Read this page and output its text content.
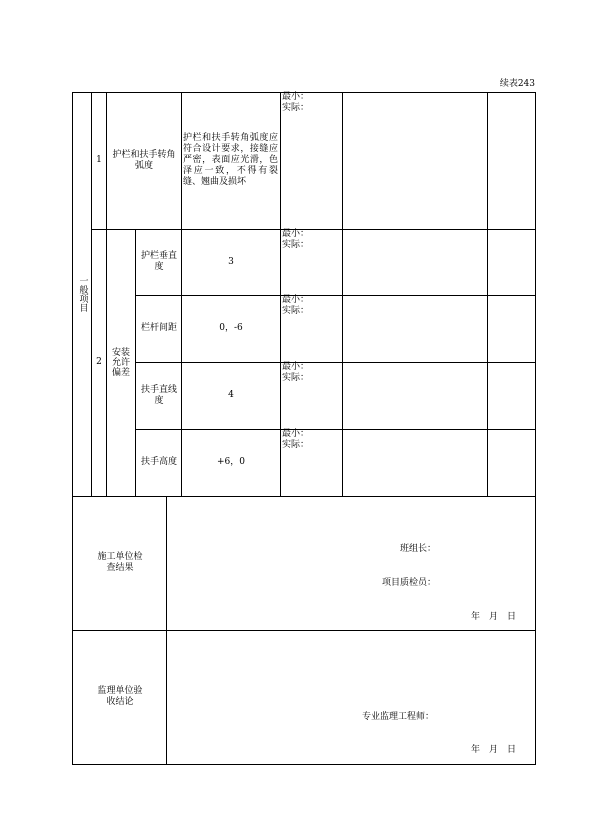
续表243
一般项目
1
护栏和扶手转角弧度
护栏和扶手转角弧度应符合设计要求，接缝应严密，表面应光滑，色泽应一致，不得有裂缝、翘曲及损坏
最小：
实际：
2
安装允许偏差
护栏垂直度
3
最小：
实际：
栏杆间距	0，-6
最小：
实际：
扶手直线度
4
最小：
实际：
扶手高度	+6，0
最小：
实际：
施工单位检查结果
班组长：
项目质检员：
年　月　日
监理单位验收结论
专业监理工程师：
年　月　日
